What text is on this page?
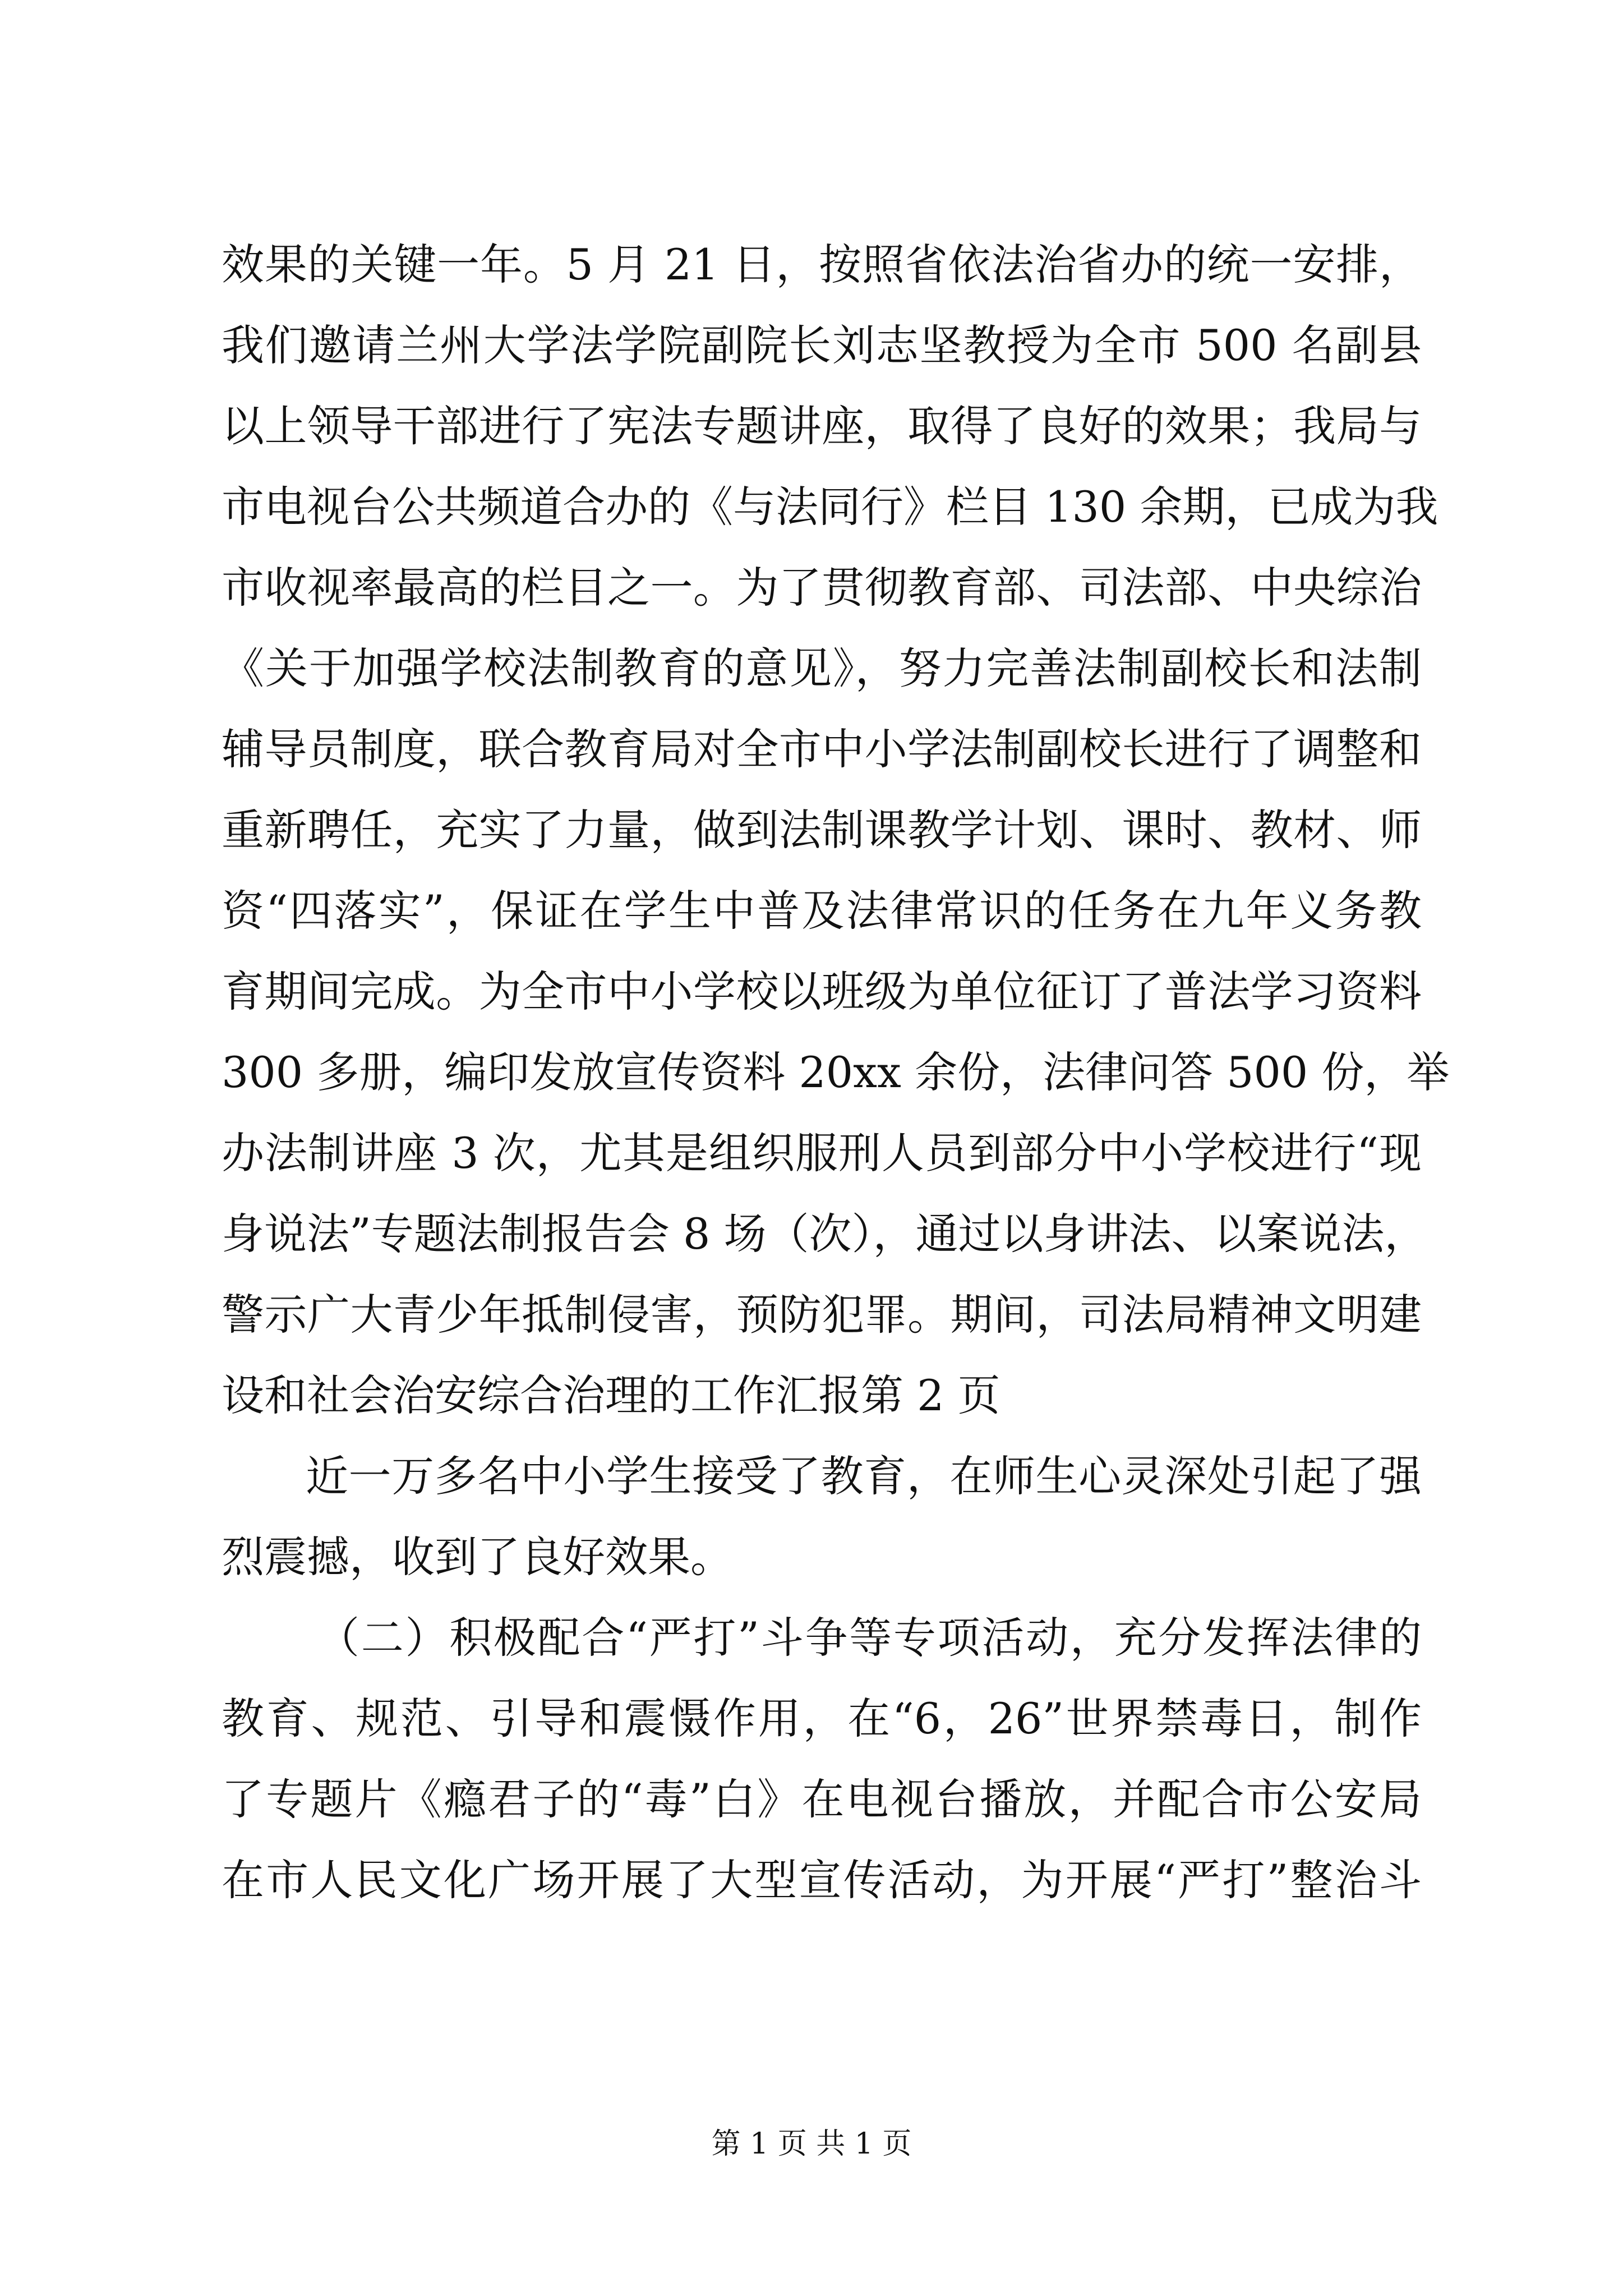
效果的关键一年。5 月 21 日，按照省依法治省办的统一安排，
我们邀请兰州大学法学院副院长刘志坚教授为全市 500 名副县
以上领导干部进行了宪法专题讲座，取得了良好的效果；我局与
市电视台公共频道合办的《与法同行》栏目 130 余期，已成为我
市收视率最高的栏目之一。为了贯彻教育部、司法部、中央综治
《关于加强学校法制教育的意见》，努力完善法制副校长和法制
辅导员制度，联合教育局对全市中小学法制副校长进行了调整和
重新聘任，充实了力量，做到法制课教学计划、课时、教材、师
资“四落实”，保证在学生中普及法律常识的任务在九年义务教
育期间完成。为全市中小学校以班级为单位征订了普法学习资料
300 多册，编印发放宣传资料 20xx 余份，法律问答 500 份，举
办法制讲座 3 次，尤其是组织服刑人员到部分中小学校进行“现
身说法”专题法制报告会 8 场（次），通过以身讲法、以案说法，
警示广大青少年抵制侵害，预防犯罪。期间，司法局精神文明建
设和社会治安综合治理的工作汇报第 2 页
近一万多名中小学生接受了教育，在师生心灵深处引起了强
烈震撼，收到了良好效果。
（二）积极配合“严打”斗争等专项活动，充分发挥法律的
教育、规范、引导和震慑作用，在“6，26”世界禁毒日，制作
了专题片《瘾君子的“毒”白》在电视台播放，并配合市公安局
在市人民文化广场开展了大型宣传活动，为开展“严打”整治斗
第 1 页 共 1 页
